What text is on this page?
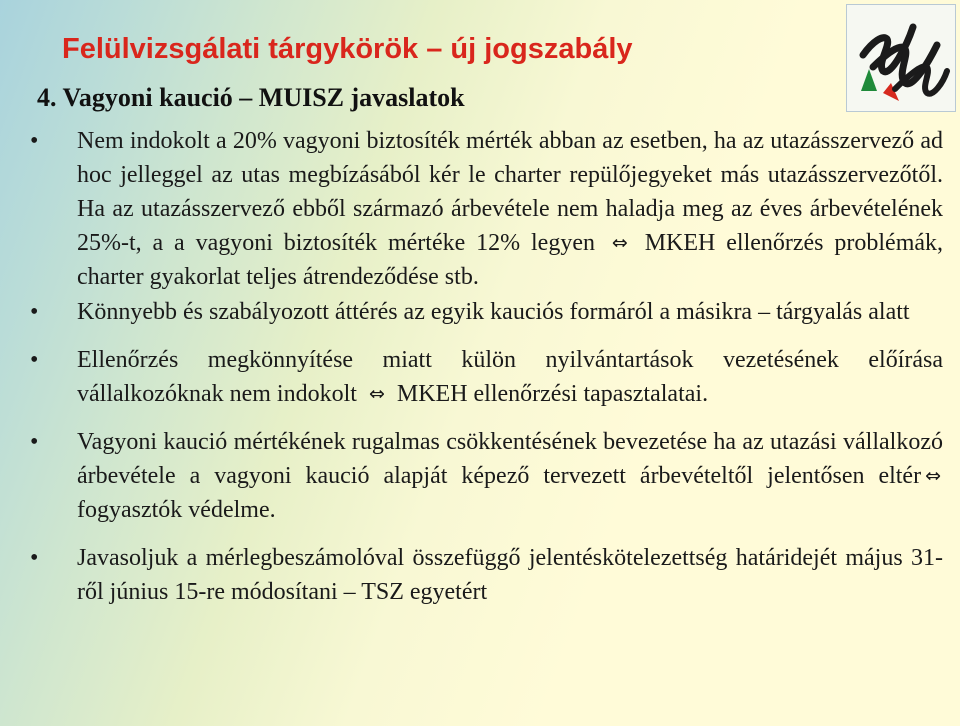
Felülvizsgálati tárgykörök – új jogszabály
4. Vagyoni kaució – MUISZ javaslatok
• Nem indokolt a 20% vagyoni biztosíték mérték abban az esetben, ha az utazásszervező ad hoc jelleggel az utas megbízásából kér le charter repülőjegyeket más utazásszervezőtől. Ha az utazásszervező ebből származó árbevétele nem haladja meg az éves árbevételének 25%-t, a a vagyoni biztosíték mértéke 12% legyen ⇔ MKEH ellenőrzés problémák, charter gyakorlat teljes átrendeződése stb.
• Könnyebb és szabályozott áttérés az egyik kauciós formáról a másikra – tárgyalás alatt
• Ellenőrzés megkönnyítése miatt külön nyilvántartások vezetésének előírása vállalkozóknak nem indokolt ⇔ MKEH ellenőrzési tapasztalatai.
• Vagyoni kaució mértékének rugalmas csökkentésének bevezetése ha az utazási vállalkozó árbevétele a vagyoni kaució alapját képező tervezett árbevételtől jelentősen eltér ⇔fogyasztók védelme.
• Javasoljuk a mérlegbeszámolóval összefüggő jelentéskötelezettség határidejét május 31-ről június 15-re módosítani – TSZ egyetért
